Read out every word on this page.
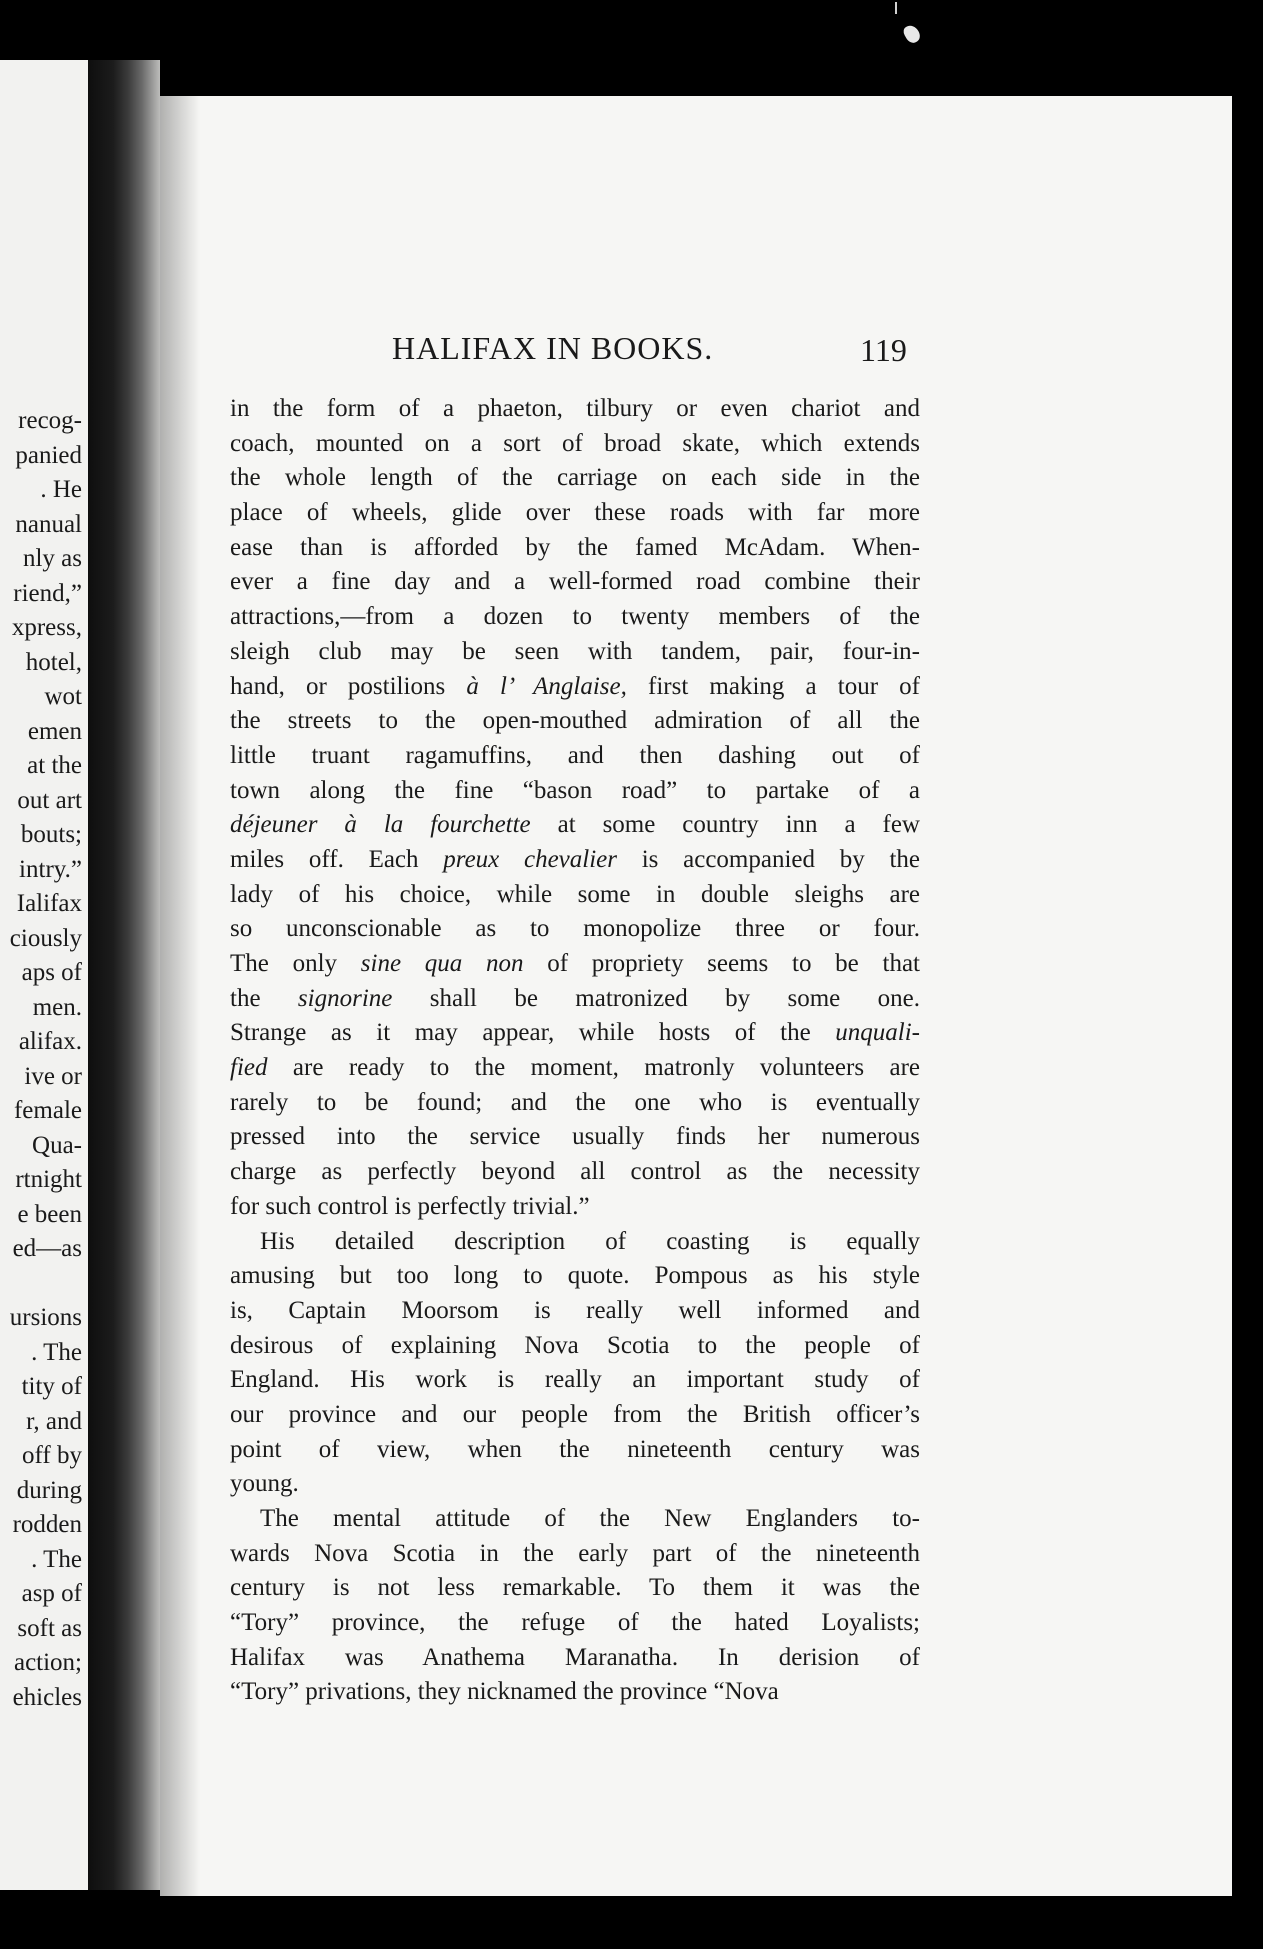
recog-
panied
. He
nanual
nly as
riend,”
xpress,
hotel,
wot
emen
at the
out art
bouts;
intry.”
Ialifax
ciously
aps of
men.
alifax.
ive or
female
Qua-
rtnight
e been
ed—as
ursions
. The
tity of
r, and
off by
during
rodden
. The
asp of
soft as
action;
ehicles
HALIFAX IN BOOKS.	119
in the form of a phaeton, tilbury or even chariot and
coach, mounted on a sort of broad skate, which extends
the whole length of the carriage on each side in the
place of wheels, glide over these roads with far more
ease than is afforded by the famed McAdam. When-
ever a fine day and a well-formed road combine their
attractions,—from a dozen to twenty members of the
sleigh club may be seen with tandem, pair, four-in-
hand, or postilions à l’ Anglaise, first making a tour of
the streets to the open-mouthed admiration of all the
little truant ragamuffins, and then dashing out of
town along the fine “bason road” to partake of a
déjeuner à la fourchette at some country inn a few
miles off. Each preux chevalier is accompanied by the
lady of his choice, while some in double sleighs are
so unconscionable as to monopolize three or four.
The only sine qua non of propriety seems to be that
the signorine shall be matronized by some one.
Strange as it may appear, while hosts of the unquali-
fied are ready to the moment, matronly volunteers are
rarely to be found; and the one who is eventually
pressed into the service usually finds her numerous
charge as perfectly beyond all control as the necessity
for such control is perfectly trivial.”
His detailed description of coasting is equally
amusing but too long to quote. Pompous as his style
is, Captain Moorsom is really well informed and
desirous of explaining Nova Scotia to the people of
England. His work is really an important study of
our province and our people from the British officer’s
point of view, when the nineteenth century was
young.
The mental attitude of the New Englanders to-
wards Nova Scotia in the early part of the nineteenth
century is not less remarkable. To them it was the
“Tory” province, the refuge of the hated Loyalists;
Halifax was Anathema Maranatha. In derision of
“Tory” privations, they nicknamed the province “Nova
